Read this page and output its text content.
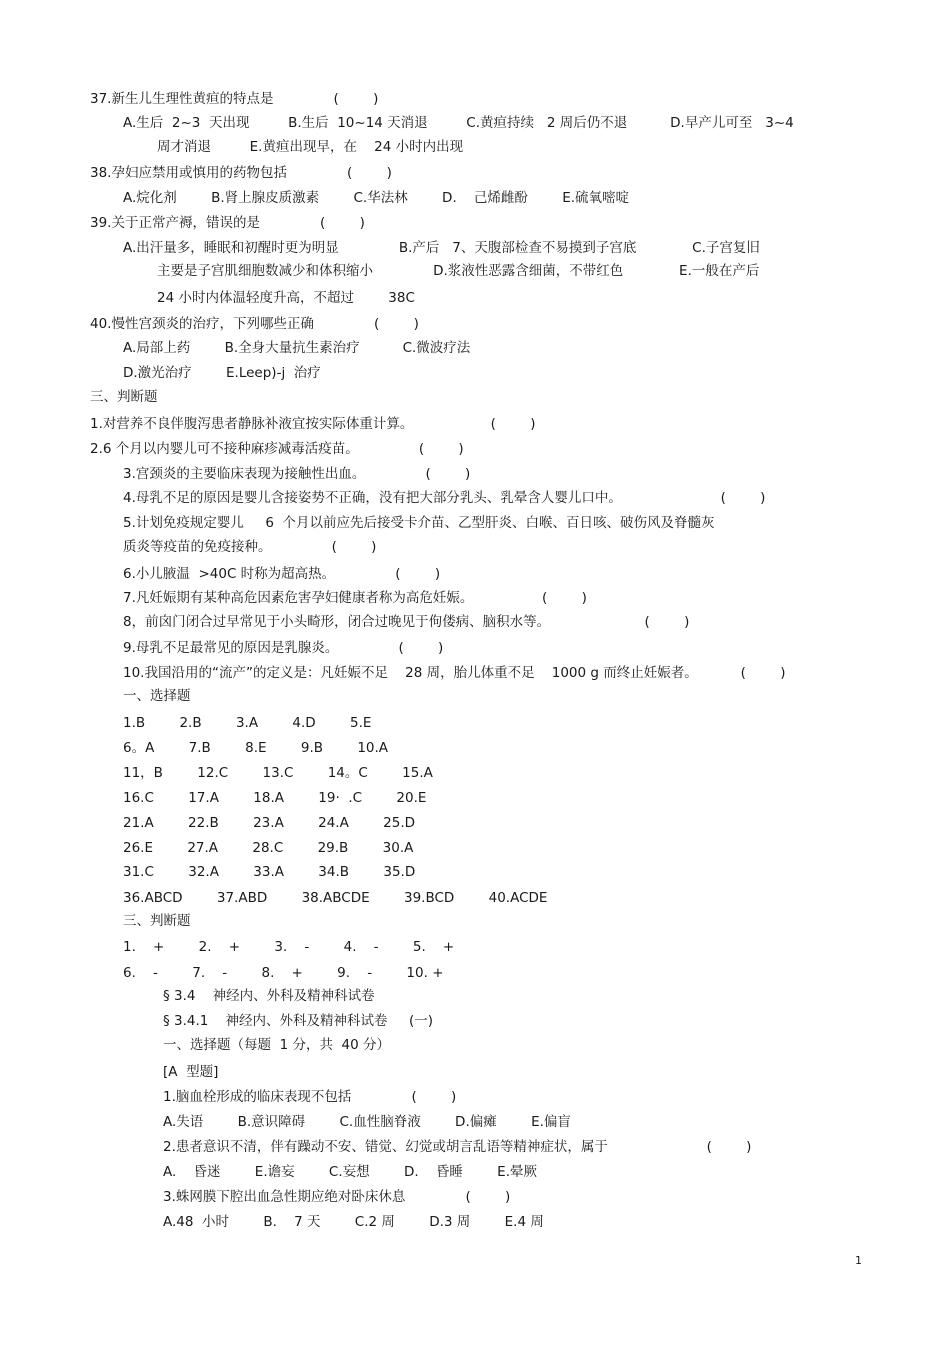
37.新生儿生理性黄疸的特点是              (        )
A.生后  2~3  天出现         B.生后  10~14 天消退         C.黄疸持续   2 周后仍不退          D.早产儿可至   3~4
周才消退         E.黄疸出现早，在    24 小时内出现
38.孕妇应禁用或慎用的药物包括              (        )
A.烷化剂        B.肾上腺皮质激素        C.华法林        D.    己烯雌酚        E.硫氧嘧啶
39.关于正常产褥，错误的是              (        )
A.出汗量多，睡眠和初醒时更为明显              B.产后   7、天腹部检查不易摸到子宫底             C.子宫复旧
主要是子宫肌细胞数减少和体积缩小              D.浆液性恶露含细菌，不带红色             E.一般在产后
24 小时内体温轻度升高，不超过        38C
40.慢性宫颈炎的治疗，下列哪些正确              (        )
A.局部上药        B.全身大量抗生素治疗          C.微波疗法
D.激光治疗        E.Leep)-j  治疗
三、判断题
1.对营养不良伴腹泻患者静脉补液宜按实际体重计算。                  (        )
2.6 个月以内婴儿可不接种麻疹减毒活疫苗。              (        )
3.宫颈炎的主要临床表现为接触性出血。              (        )
4.母乳不足的原因是婴儿含接姿势不正确，没有把大部分乳头、乳晕含人婴儿口中。                       (        )
5.计划免疫规定婴儿     6  个月以前应先后接受卡介苗、乙型肝炎、白喉、百日咳、破伤风及脊髓灰
质炎等疫苗的免疫接种。              (        )
6.小儿腋温  >40C 时称为超高热。              (        )
7.凡妊娠期有某种高危因素危害孕妇健康者称为高危妊娠。                (        )
8，前囟门闭合过早常见于小头畸形，闭合过晚见于佝偻病、脑积水等。                      (        )
9.母乳不足最常见的原因是乳腺炎。              (        )
10.我国沿用的“流产”的定义是：凡妊娠不足    28 周，胎儿体重不足    1000 g 而终止妊娠者。          (        )
一、选择题
1.B        2.B        3.A        4.D        5.E
6。A        7.B        8.E        9.B        10.A
11，B        12.C        13.C        14。C        15.A
16.C        17.A        18.A        19·  .C        20.E
21.A        22.B        23.A        24.A        25.D
26.E        27.A        28.C        29.B        30.A
31.C        32.A        33.A        34.B        35.D
36.ABCD        37.ABD        38.ABCDE        39.BCD        40.ACDE
三、判断题
1.    +        2.    +        3.    -        4.    -        5.    +
6.    -        7.    -        8.    +        9.    -        10. +
§ 3.4    神经内、外科及精神科试卷
§ 3.4.1    神经内、外科及精神科试卷     (一)
一、选择题（每题  1 分，共  40 分）
[A  型题]
1.脑血栓形成的临床表现不包括              (        )
A.失语        B.意识障碍        C.血性脑脊液        D.偏瘫        E.偏盲
2.患者意识不清，伴有躁动不安、错觉、幻觉或胡言乱语等精神症状，属于                       (        )
A.    昏迷        E.谵妄        C.妄想        D.    昏睡        E.晕厥
3.蛛网膜下腔出血急性期应绝对卧床休息              (        )
A.48  小时        B.    7 天        C.2 周        D.3 周        E.4 周
1
